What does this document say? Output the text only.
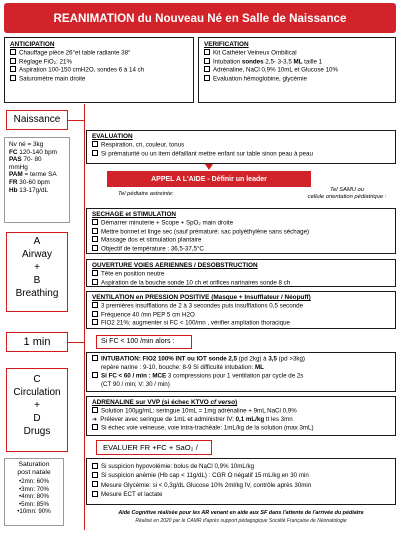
REANIMATION du Nouveau Né en Salle de Naissance
ANTICIPATION
Chauffage pièce 26°et table radiante 38°
Réglage FiO₂: 21%
Aspiration 100-150 cmH2O, sondes 6 à 14 ch
Saturomètre main droite
VERIFICATION
Kit Cathéter Veineux Ombilical
Intubation sondes 2,5- 3-3,5 ML taille 1
Adrénaline, NaCl 0,9% 10mL et Glucose 10%
Evaluation hémoglobine, glycémie
Naissance
Nv né = 3kg
FC 120-140 bpm
PAS 70- 80
mmHg
PAM = terme SA
FR 30-60 bpm
Hb 13-17g/dL
A
Airway
+
B
Breathing
1 min
C
Circulation
+
D
Drugs
Saturation
post natale
•2mn: 60%
•3mn: 70%
•4mn: 80%
•5mn: 85%
•10mn: 90%
EVALUATION
Respiration, cri, couleur, tonus
Si prématurité ou un item défaillant mettre enfant sur table sinon peau à peau
APPEL A L'AIDE - Définir un leader
Tel pédiatre astreinte:
Tel SAMU ou
cellule orientation pédiatrique :
SECHAGE et STIMULATION
Démarrer minuterie + Scope + SpO₂ main droite
Mettre bonnet et linge sec (sauf prématuré: sac polyéthylène sans séchage)
Massage dos et stimulation plantaire
Objectif de température : 36,5-37,5°C
OUVERTURE VOIES AERIENNES / DESOBSTRUCTION
Tête en position neutre
Aspiration de la bouche sonde 10 ch et orifices narinaires sonde 8 ch
VENTILATION en PRESSION POSITIVE (Masque + Insufflateur / Néopuff)
3 premières insufflations de 2 à 3 secondes puis insufflations 0,5 seconde
Fréquence 40 /mn PEP 5 cm H2O
FIO2 21%: augmenter si FC < 100/mn , vérifier ampliation thoracique
Si FC < 100 /min alors :
INTUBATION: FIO2 100% INT ou IOT sonde 2,5 (pd 2kg) à 3,5 (pd >3kg)
repère narine : 9-10, bouche: 8-9 Si difficulté intubation: ML
Si FC < 60 / min : MCE 3 compressions pour 1 ventilation par cycle de 2s
(CT 90 / min; V: 30 / min)
ADRENALINE sur VVP (si échec KTVO cf verso)
Solution 100µg/mL: seringue 10mL = 1mg adrénaline + 9mL NaCl 0,9%
➔ Prélever avec seringue de 1mL et administrer IV: 0,1 mL/kg tt les 3mn
Si échec voie veineuse, voie intra-trachéale: 1mL/kg de la solution (max 3mL)
EVALUER FR +FC + SaO₂ /
Si suspicion hypovolémie: bolus de NaCl 0,9% 10mL/kg
Si suspicion anémie (Hb cap < 11g/dL) : CGR O négatif 15 mL/kg en 30 min
Mesure Glycémie: si < 0,3g/dL Glucose 10% 2ml/kg IV, contrôle après 30min
Mesure ECT et lactate
Aide Cognitive réalisée pour les AR venant en aide aux SF dans l'attente de l'arrivée du pédiatre
Réalisé en 2020 par le CAMR d'après support pédagogique Société Française de Néonatologie
